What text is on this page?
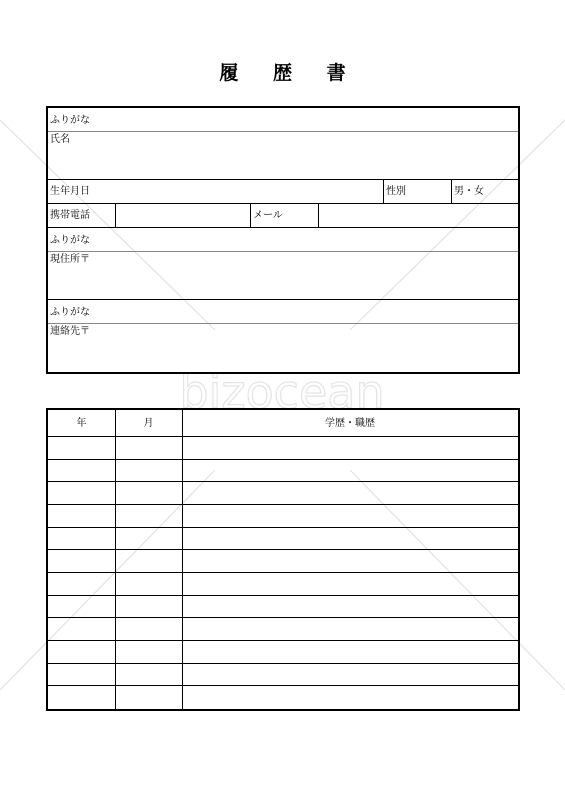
bizocean
履 歴 書
ふりがな
氏名
生年月日	性別	男・女
携帯電話	メール
ふりがな
現住所〒
ふりがな
連絡先〒
年	月	学歴・職歴
